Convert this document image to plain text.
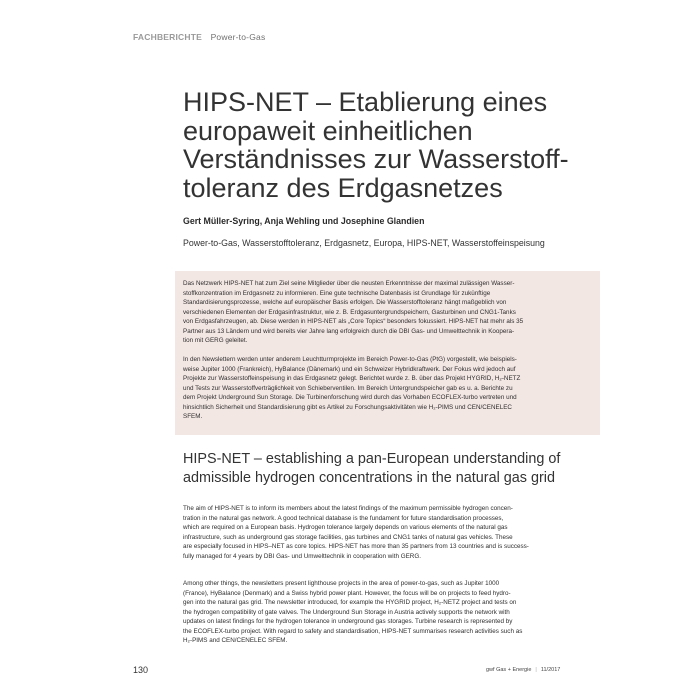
FACHBERICHTE Power-to-Gas
HIPS-NET – Etablierung eines
europaweit einheitlichen
Verständnisses zur Wasserstoff-
toleranz des Erdgasnetzes
Gert Müller-Syring, Anja Wehling und Josephine Glandien
Power-to-Gas, Wasserstofftoleranz, Erdgasnetz, Europa, HIPS-NET, Wasserstoffeinspeisung
Das Netzwerk HIPS-NET hat zum Ziel seine Mitglieder über die neusten Erkenntnisse der maximal zulässigen Wasser-
stoffkonzentration im Erdgasnetz zu informieren. Eine gute technische Datenbasis ist Grundlage für zukünftige
Standardisierungsprozesse, welche auf europäischer Basis erfolgen. Die Wasserstofftoleranz hängt maßgeblich von
verschiedenen Elementen der Erdgasinfrastruktur, wie z. B. Erdgasuntergrundspeichern, Gasturbinen und CNG1-Tanks
von Erdgasfahrzeugen, ab. Diese werden in HIPS-NET als „Core Topics“ besonders fokussiert. HIPS-NET hat mehr als 35
Partner aus 13 Ländern und wird bereits vier Jahre lang erfolgreich durch die DBI Gas- und Umwelttechnik in Koopera-
tion mit GERG geleitet.
In den Newslettern werden unter anderem Leuchtturmprojekte im Bereich Power-to-Gas (PtG) vorgestellt, wie beispiels-
weise Jupiter 1000 (Frankreich), HyBalance (Dänemark) und ein Schweizer Hybridkraftwerk. Der Fokus wird jedoch auf
Projekte zur Wasserstoffeinspeisung in das Erdgasnetz gelegt. Berichtet wurde z. B. über das Projekt HYGRID, H₂-NETZ
und Tests zur Wasserstoffverträglichkeit von Schieberventilen. Im Bereich Untergrundspeicher gab es u. a. Berichte zu
dem Projekt Underground Sun Storage. Die Turbinenforschung wird durch das Vorhaben ECOFLEX-turbo vertreten und
hinsichtlich Sicherheit und Standardisierung gibt es Artikel zu Forschungsaktivitäten wie H₂-PIMS und CEN/CENELEC
SFEM.
HIPS-NET – establishing a pan-European understanding of
admissible hydrogen concentrations in the natural gas grid
The aim of HIPS-NET is to inform its members about the latest findings of the maximum permissible hydrogen concen-
tration in the natural gas network. A good technical database is the fundament for future standardisation processes,
which are required on a European basis. Hydrogen tolerance largely depends on various elements of the natural gas
infrastructure, such as underground gas storage facilities, gas turbines and CNG1 tanks of natural gas vehicles. These
are especially focused in HIPS–NET as core topics. HIPS-NET has more than 35 partners from 13 countries and is success-
fully managed for 4 years by DBI Gas- und Umwelttechnik in cooperation with GERG.
Among other things, the newsletters present lighthouse projects in the area of power-to-gas, such as Jupiter 1000
(France), HyBalance (Denmark) and a Swiss hybrid power plant. However, the focus will be on projects to feed hydro-
gen into the natural gas grid. The newsletter introduced, for example the HYGRID project, H₂-NETZ project and tests on
the hydrogen compatibility of gate valves. The Underground Sun Storage in Austria actively supports the network with
updates on latest findings for the hydrogen tolerance in underground gas storages. Turbine research is represented by
the ECOFLEX-turbo project. With regard to safety and standardisation, HIPS-NET summarises research activities such as
H₂-PIMS and CEN/CENELEC SFEM.
130	gwf Gas + Energie | 11/2017
